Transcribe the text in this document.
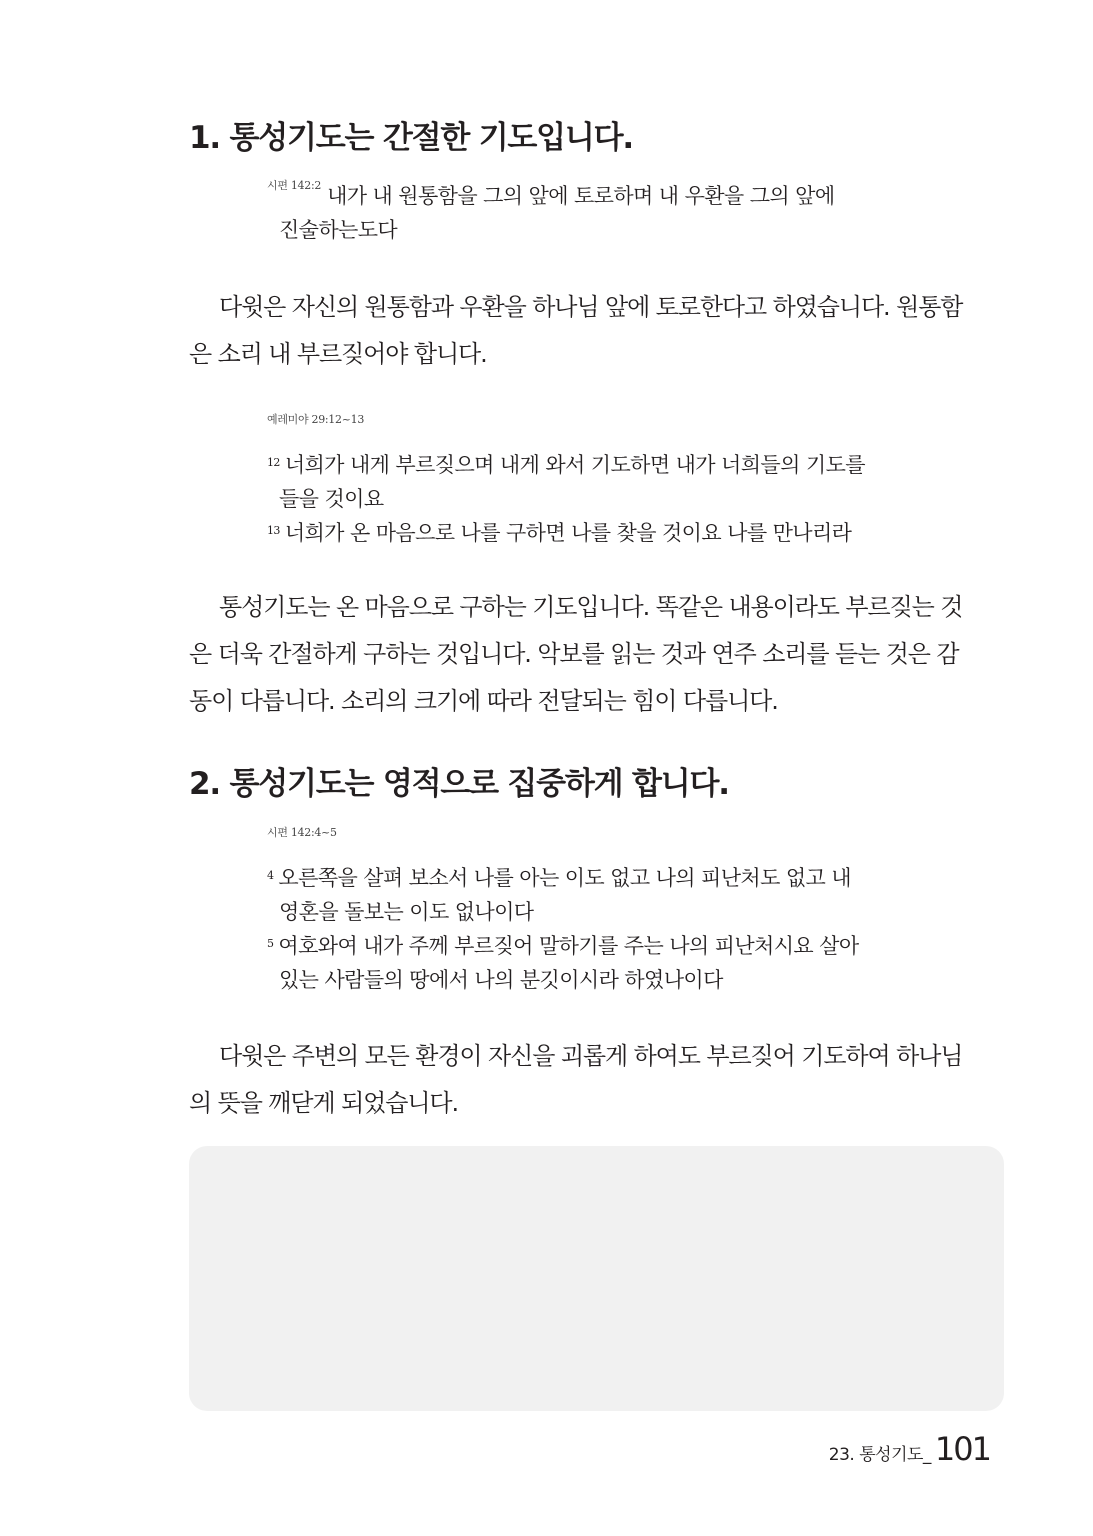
1. 통성기도는 간절한 기도입니다.
$^{시편 142:2}$ 내가 내 원통함을 그의 앞에 토로하며 내 우환을 그의 앞에
진술하는도다

다윗은 자신의 원통함과 우환을 하나님 앞에 토로한다고 하였습니다. 원통함
은 소리 내 부르짖어야 합니다.

예레미야 29:12~13
$^{12}$ 너희가 내게 부르짖으며 내게 와서 기도하면 내가 너희들의 기도를
들을 것이요
$^{13}$ 너희가 온 마음으로 나를 구하면 나를 찾을 것이요 나를 만나리라

통성기도는 온 마음으로 구하는 기도입니다. 똑같은 내용이라도 부르짖는 것
은 더욱 간절하게 구하는 것입니다. 악보를 읽는 것과 연주 소리를 듣는 것은 감
동이 다릅니다. 소리의 크기에 따라 전달되는 힘이 다릅니다.

2. 통성기도는 영적으로 집중하게 합니다.
시편 142:4~5
$^4$ 오른쪽을 살펴 보소서 나를 아는 이도 없고 나의 피난처도 없고 내
영혼을 돌보는 이도 없나이다
$^5$ 여호와여 내가 주께 부르짖어 말하기를 주는 나의 피난처시요 살아
있는 사람들의 땅에서 나의 분깃이시라 하였나이다

다윗은 주변의 모든 환경이 자신을 괴롭게 하여도 부르짖어 기도하여 하나님
의 뜻을 깨닫게 되었습니다.

23. 통성기도_ 101
